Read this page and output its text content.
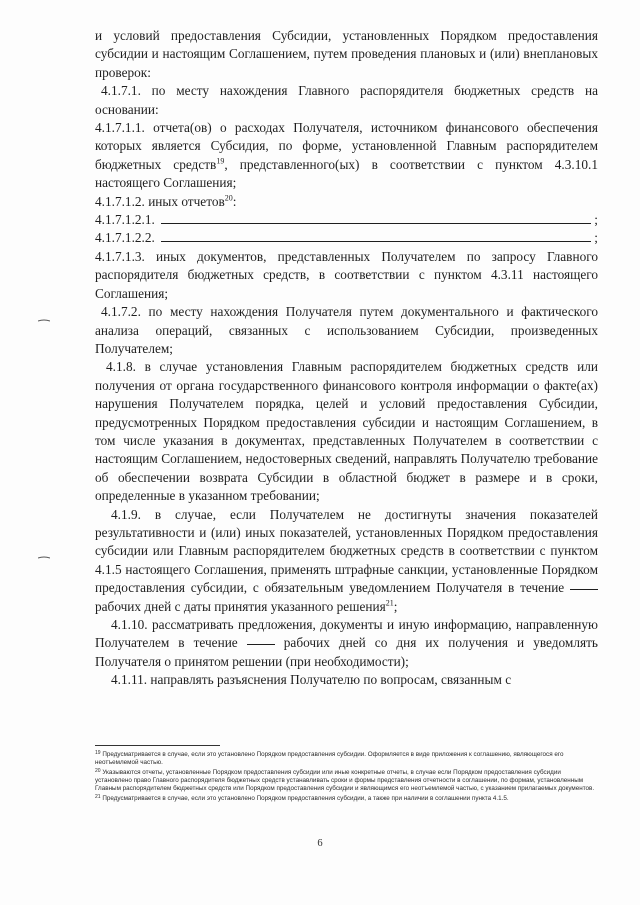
и условий предоставления Субсидии, установленных Порядком предоставления субсидии и настоящим Соглашением, путем проведения плановых и (или) внеплановых проверок:

4.1.7.1. по месту нахождения Главного распорядителя бюджетных средств на основании:

4.1.7.1.1. отчета(ов) о расходах Получателя, источником финансового обеспечения которых является Субсидия, по форме, установленной Главным распорядителем бюджетных средств$^{19}$, представленного(ых) в соответствии с пунктом 4.3.10.1 настоящего Соглашения;

4.1.7.1.2. иных отчетов$^{20}$:

4.1.7.1.2.1.	;
4.1.7.1.2.2.	;

4.1.7.1.3. иных документов, представленных Получателем по запросу Главного распорядителя бюджетных средств, в соответствии с пунктом 4.3.11 настоящего Соглашения;

4.1.7.2. по месту нахождения Получателя путем документального и фактического анализа операций, связанных с использованием Субсидии, произведенных Получателем;

4.1.8. в случае установления Главным распорядителем бюджетных средств или получения от органа государственного финансового контроля информации о факте(ах) нарушения Получателем порядка, целей и условий предоставления Субсидии, предусмотренных Порядком предоставления субсидии и настоящим Соглашением, в том числе указания в документах, представленных Получателем в соответствии с настоящим Соглашением, недостоверных сведений, направлять Получателю требование об обеспечении возврата Субсидии в областной бюджет в размере и в сроки, определенные в указанном требовании;

4.1.9. в случае, если Получателем не достигнуты значения показателей результативности и (или) иных показателей, установленных Порядком предоставления субсидии или Главным распорядителем бюджетных средств в соответствии с пунктом 4.1.5 настоящего Соглашения, применять штрафные санкции, установленные Порядком предоставления субсидии, с обязательным уведомлением Получателя в течение  рабочих дней с даты принятия указанного решения$^{21}$;

4.1.10. рассматривать предложения, документы и иную информацию, направленную Получателем в течение	рабочих дней со дня их получения и уведомлять Получателя о принятом решении (при необходимости);

4.1.11. направлять разъяснения Получателю по вопросам, связанным с

$^{19}$ Предусматривается в случае, если это установлено Порядком предоставления субсидии. Оформляется в виде приложения к соглашению, являющегося его неотъемлемой частью.

$^{20}$ Указываются отчеты, установленные Порядком предоставления субсидии или иные конкретные отчеты, в случае если Порядком предоставления субсидии установлено право Главного распорядителя бюджетных средств устанавливать сроки и формы представления отчетности в соглашении, по формам, установленным Главным распорядителем бюджетных средств или Порядком предоставления субсидии и являющимся его неотъемлемой частью, с указанием прилагаемых документов.

$^{21}$ Предусматривается в случае, если это установлено Порядком предоставления субсидии, а также при наличии в соглашении пункта 4.1.5.

6
